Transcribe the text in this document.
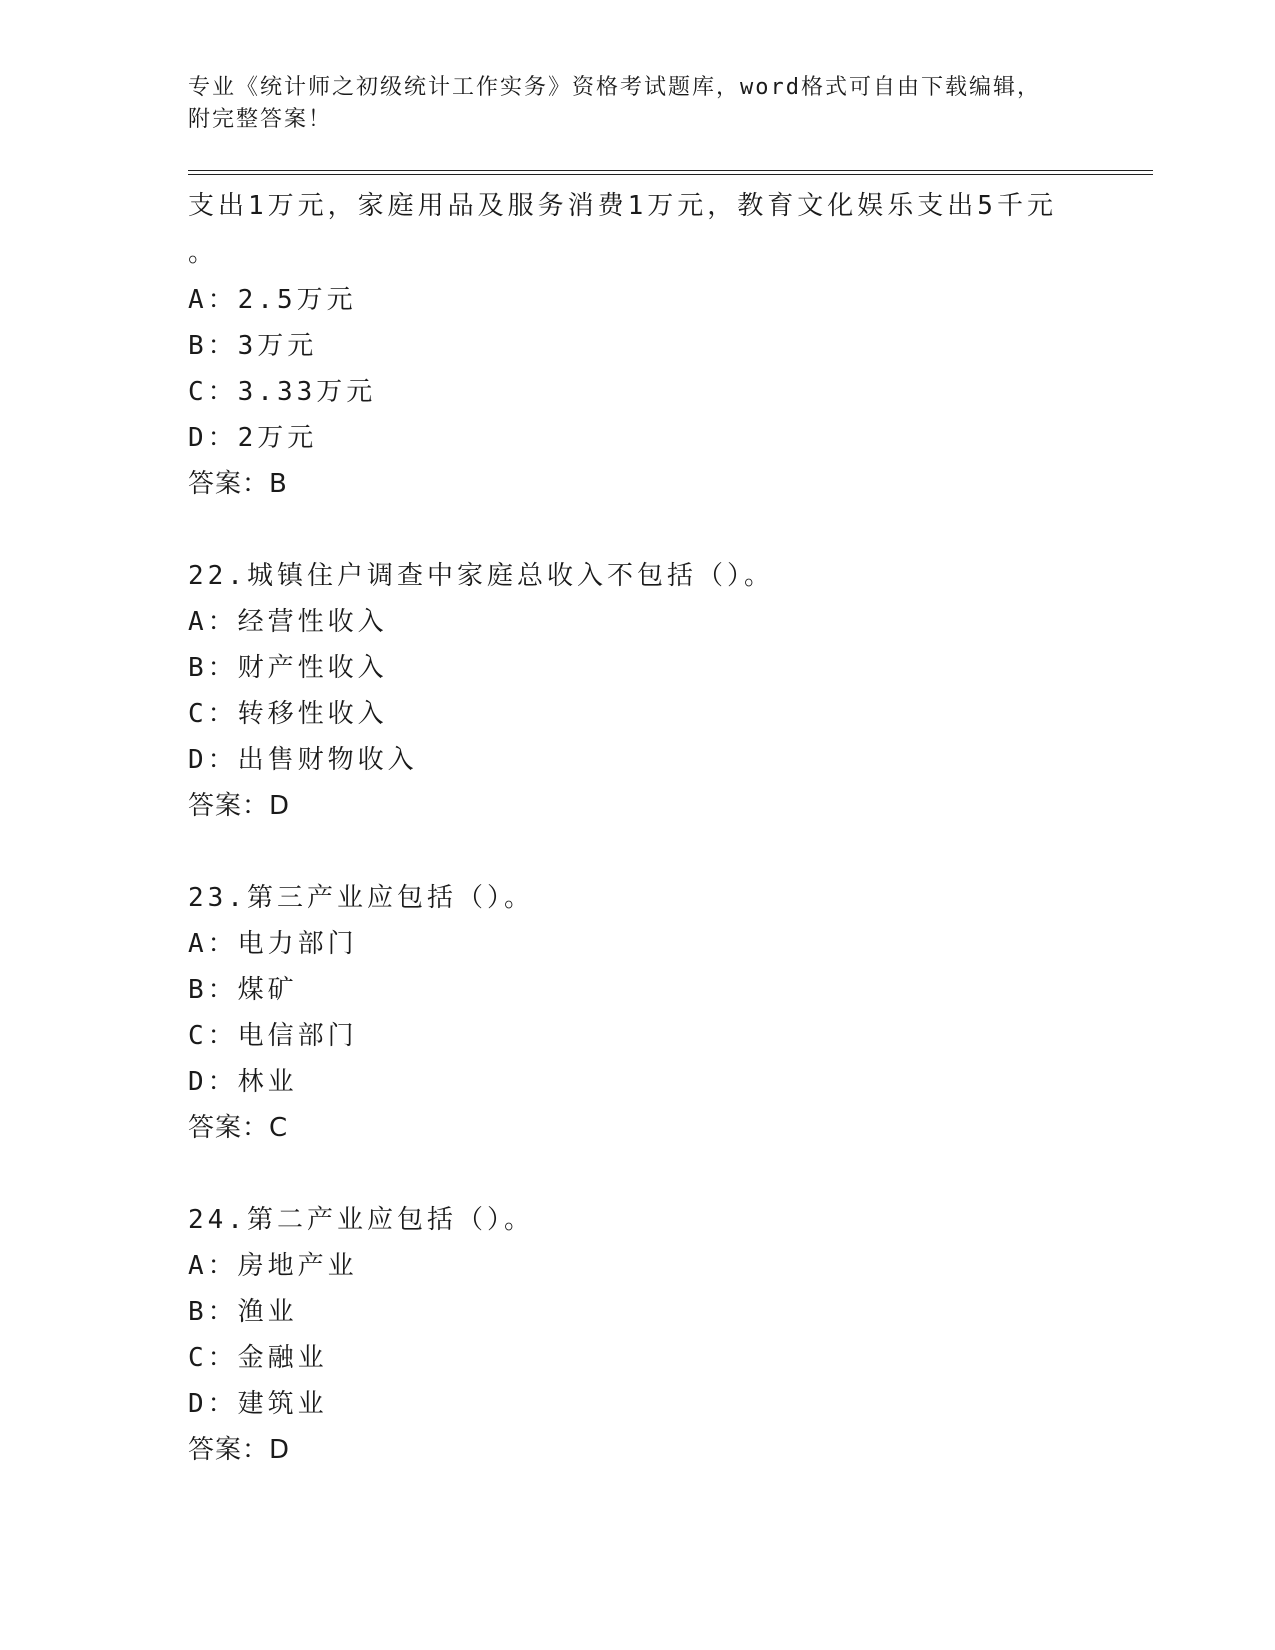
专业《统计师之初级统计工作实务》资格考试题库，word格式可自由下载编辑，
附完整答案！
支出1万元，家庭用品及服务消费1万元，教育文化娱乐支出5千元
。
A：2.5万元
B：3万元
C：3.33万元
D：2万元
答案：B
22.城镇住户调查中家庭总收入不包括（）。
A：经营性收入
B：财产性收入
C：转移性收入
D：出售财物收入
答案：D
23.第三产业应包括（）。
A：电力部门
B：煤矿
C：电信部门
D：林业
答案：C
24.第二产业应包括（）。
A：房地产业
B：渔业
C：金融业
D：建筑业
答案：D
